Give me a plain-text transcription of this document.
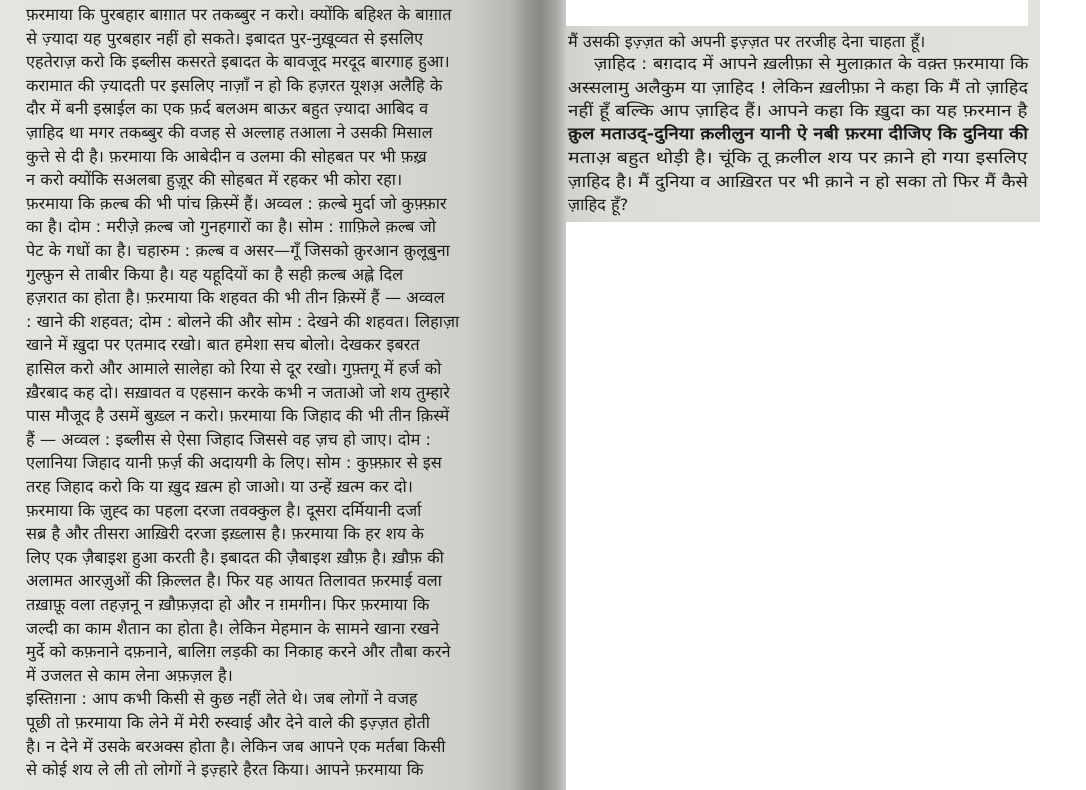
फ़रमाया कि पुरबहार बाग़ात पर तकब्बुर न करो। क्योंकि बहिश्त के बाग़ात
से ज़्यादा यह पुरबहार नहीं हो सकते। इबादत पुर-नुख़ूव्वत से इसलिए
एहतेराज़ करो कि इब्लीस कसरते इबादत के बावजूद मरदूद बारगाह हुआ।
करामात की ज़्यादती पर इसलिए नाज़ाँ न हो कि हज़रत यूशअ़ अलैहि के
दौर में बनी इस्राईल का एक फ़र्द बलअम बाऊर बहुत ज़्यादा आबिद व
ज़ाहिद था मगर तकब्बुर की वजह से अल्लाह तआला ने उसकी मिसाल
कुत्ते से दी है। फ़रमाया कि आबेदीन व उलमा की सोहबत पर भी फ़ख़्र
न करो क्योंकि सअलबा हुज़ूर की सोहबत में रहकर भी कोरा रहा।
फ़रमाया कि क़ल्ब की भी पांच क़िस्में हैं। अव्वल : क़ल्बे मुर्दा जो कुफ़्फ़ार
का है। दोम : मरीज़े क़ल्ब जो गुनहगारों का है। सोम : ग़ाफ़िले क़ल्ब जो
पेट के गधों का है। चहारुम : क़ल्ब व असर—गूँ जिसको क़ुरआन क़ुलूबुना
गुल्फ़ुन से ताबीर किया है। यह यहूदियों का है सही क़ल्ब अह्ले दिल
हज़रात का होता है। फ़रमाया कि शहवत की भी तीन क़िस्में हैं — अव्वल
: खाने की शहवत; दोम : बोलने की और सोम : देखने की शहवत। लिहाज़ा
खाने में ख़ुदा पर एतमाद रखो। बात हमेशा सच बोलो। देखकर इबरत
हासिल करो और आमाले सालेहा को रिया से दूर रखो। गुफ़्तगू में हर्ज को
ख़ैरबाद कह दो। सख़ावत व एहसान करके कभी न जताओ जो शय तुम्हारे
पास मौजूद है उसमें बुख़्ल न करो। फ़रमाया कि जिहाद की भी तीन क़िस्में
हैं — अव्वल : इब्लीस से ऐसा जिहाद जिससे वह ज़च हो जाए। दोम :
एलानिया जिहाद यानी फ़र्ज़ की अदायगी के लिए। सोम : कुफ़्फ़ार से इस
तरह जिहाद करो कि या ख़ुद ख़त्म हो जाओ। या उन्हें ख़त्म कर दो।
फ़रमाया कि ज़ुह्द का पहला दरजा तवक्कुल है। दूसरा दर्मियानी दर्जा
सब्र है और तीसरा आख़िरी दरजा इख़्लास है। फ़रमाया कि हर शय के
लिए एक ज़ैबाइश हुआ करती है। इबादत की ज़ैबाइश ख़ौफ़ है। ख़ौफ़ की
अलामत आरज़ुओं की क़िल्लत है। फिर यह आयत तिलावत फ़रमाई वला
तख़ाफ़ू वला तहज़नू न ख़ौफ़ज़दा हो और न ग़मगीन। फिर फ़रमाया कि
जल्दी का काम शैतान का होता है। लेकिन मेहमान के सामने खाना रखने
मुर्दे को कफ़नाने दफ़नाने, बालिग़ लड़की का निकाह करने और तौबा करने
में उजलत से काम लेना अफ़ज़ल है।
इस्तिग़ना : आप कभी किसी से कुछ नहीं लेते थे। जब लोगों ने वजह
पूछी तो फ़रमाया कि लेने में मेरी रुस्वाई और देने वाले की इज़्ज़त होती
है। न देने में उसके बरअक्स होता है। लेकिन जब आपने एक मर्तबा किसी
से कोई शय ले ली तो लोगों ने इज़्हारे हैरत किया। आपने फ़रमाया कि
मैं उसकी इज़्ज़त को अपनी इज़्ज़त पर तरजीह देना चाहता हूँ।
ज़ाहिद : बग़दाद में आपने ख़लीफ़ा से मुलाक़ात के वक़्त फ़रमाया कि
अस्सलामु अलैकुम या ज़ाहिद ! लेकिन ख़लीफ़ा ने कहा कि मैं तो ज़ाहिद
नहीं हूँ बल्कि आप ज़ाहिद हैं। आपने कहा कि ख़ुदा का यह फ़रमान है
क़ुल मताउद्-दुनिया क़लीलुन यानी ऐ नबी फ़रमा दीजिए कि दुनिया की
मताअ़ बहुत थोड़ी है। चूंकि तू क़लील शय पर क़ाने हो गया इसलिए
ज़ाहिद है। मैं दुनिया व आख़िरत पर भी क़ाने न हो सका तो फिर मैं कैसे
ज़ाहिद हूँ?
